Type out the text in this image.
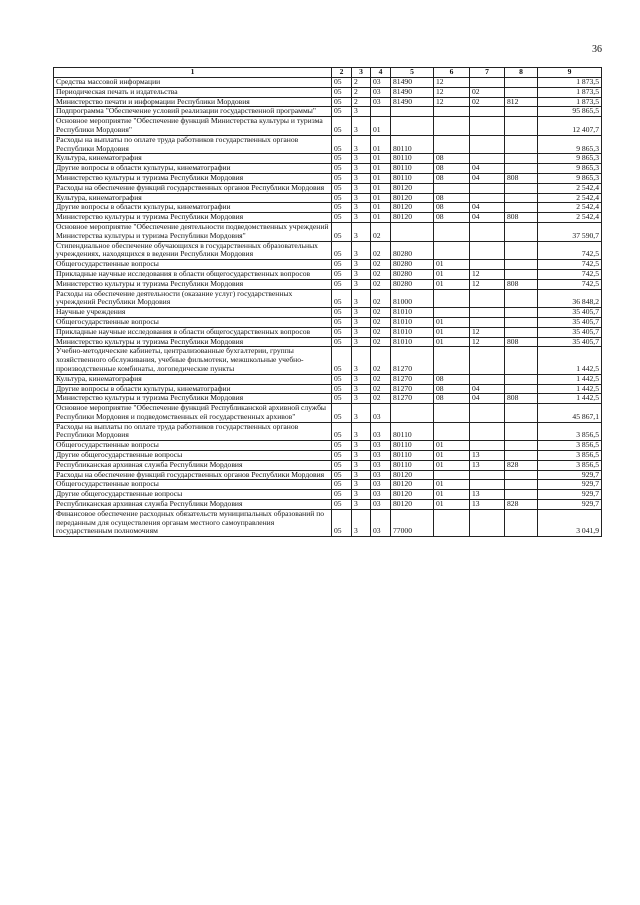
36
1	2	3	4	5	6	7	8	9
Средства массовой информации	05	2	03	81490	12			1 873,5
Периодическая печать и издательства	05	2	03	81490	12	02		1 873,5
Министерство печати и информации Республики Мордовия	05	2	03	81490	12	02	812	1 873,5
Подпрограмма "Обеспечение условий реализации государственной программы"	05	3						95 865,5
Основное мероприятие "Обеспечение функций Министерства культуры и туризма Республики Мордовия"	05	3	01					12 407,7
Расходы на выплаты по оплате труда работников государственных органов Республики Мордовия	05	3	01	80110				9 865,3
Культура, кинематография	05	3	01	80110	08			9 865,3
Другие вопросы в области культуры, кинематографии	05	3	01	80110	08	04		9 865,3
Министерство культуры и туризма Республики Мордовия	05	3	01	80110	08	04	808	9 865,3
Расходы на обеспечение функций государственных органов Республики Мордовия	05	3	01	80120				2 542,4
Культура, кинематография	05	3	01	80120	08			2 542,4
Другие вопросы в области культуры, кинематографии	05	3	01	80120	08	04		2 542,4
Министерство культуры и туризма Республики Мордовия	05	3	01	80120	08	04	808	2 542,4
Основное мероприятие "Обеспечение деятельности подведомственных учреждений Министерства культуры и туризма Республики Мордовия"	05	3	02					37 590,7
Стипендиальное обеспечение обучающихся в государственных образовательных учреждениях, находящихся в ведении Республики Мордовия	05	3	02	80280				742,5
Общегосударственные вопросы	05	3	02	80280	01			742,5
Прикладные научные исследования в области общегосударственных вопросов	05	3	02	80280	01	12		742,5
Министерство культуры и туризма Республики Мордовия	05	3	02	80280	01	12	808	742,5
Расходы на обеспечение деятельности (оказание услуг) государственных учреждений Республики Мордовия	05	3	02	81000				36 848,2
Научные учреждения	05	3	02	81010				35 405,7
Общегосударственные вопросы	05	3	02	81010	01			35 405,7
Прикладные научные исследования в области общегосударственных вопросов	05	3	02	81010	01	12		35 405,7
Министерство культуры и туризма Республики Мордовия	05	3	02	81010	01	12	808	35 405,7
Учебно-методические кабинеты, централизованные бухгалтерии, группы хозяйственного обслуживания, учебные фильмотеки, межшкольные учебно-производственные комбинаты, логопедические пункты	05	3	02	81270				1 442,5
Культура, кинематография	05	3	02	81270	08			1 442,5
Другие вопросы в области культуры, кинематографии	05	3	02	81270	08	04		1 442,5
Министерство культуры и туризма Республики Мордовия	05	3	02	81270	08	04	808	1 442,5
Основное мероприятие "Обеспечение функций Республиканской архивной службы Республики Мордовия и подведомственных ей государственных архивов"	05	3	03					45 867,1
Расходы на выплаты по оплате труда работников государственных органов Республики Мордовия	05	3	03	80110				3 856,5
Общегосударственные вопросы	05	3	03	80110	01			3 856,5
Другие общегосударственные вопросы	05	3	03	80110	01	13		3 856,5
Республиканская архивная служба Республики Мордовия	05	3	03	80110	01	13	828	3 856,5
Расходы на обеспечение функций государственных органов Республики Мордовия	05	3	03	80120				929,7
Общегосударственные вопросы	05	3	03	80120	01			929,7
Другие общегосударственные вопросы	05	3	03	80120	01	13		929,7
Республиканская архивная служба Республики Мордовия	05	3	03	80120	01	13	828	929,7
Финансовое обеспечение расходных обязательств муниципальных образований по переданным для осуществления органам местного самоуправления государственным полномочиям	05	3	03	77000				3 041,9
